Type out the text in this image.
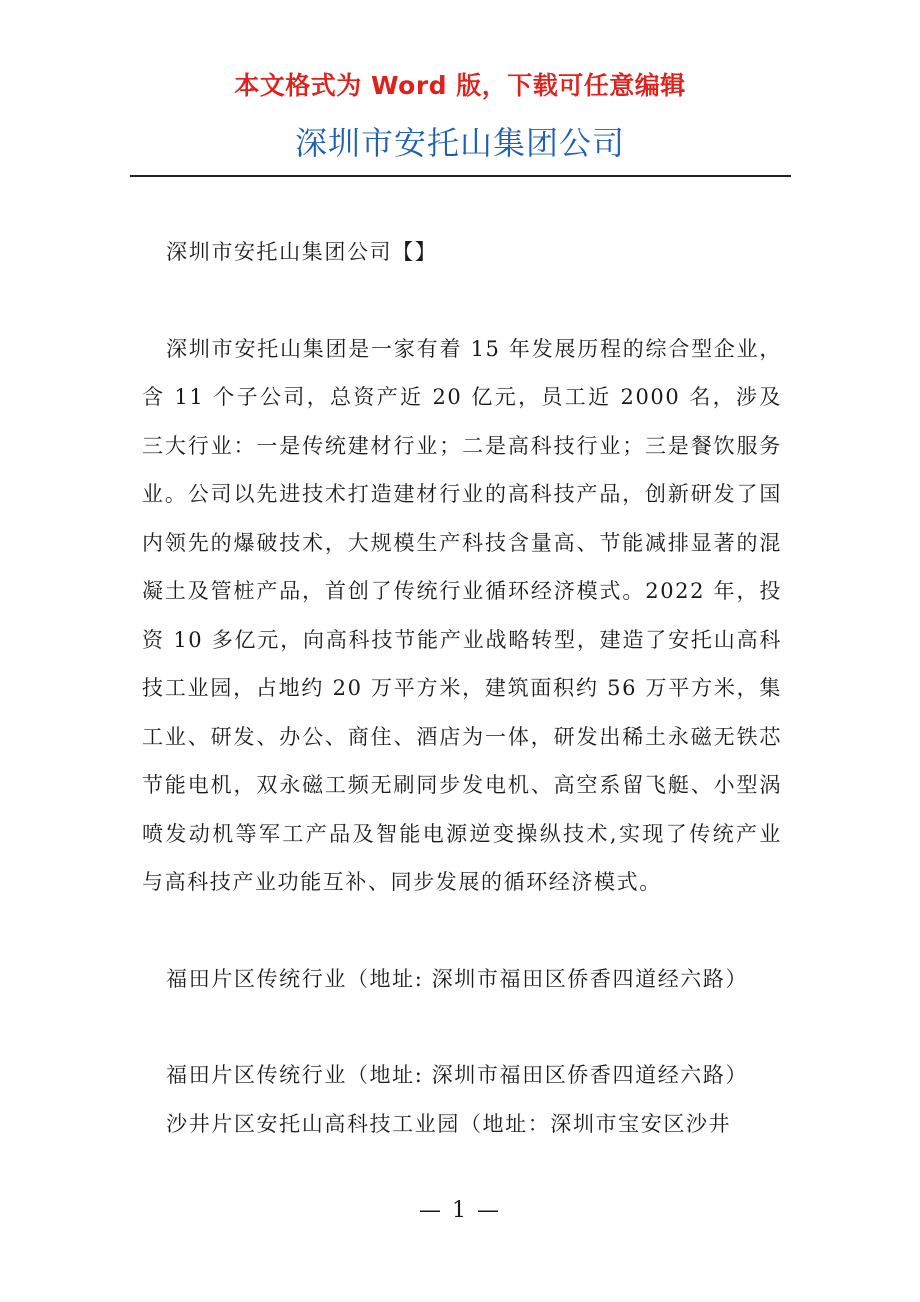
本文格式为 Word 版，下载可任意编辑
深圳市安托山集团公司

深圳市安托山集团公司【】

深圳市安托山集团是一家有着 15 年发展历程的综合型企业，含 11 个子公司，总资产近 20 亿元，员工近 2000 名，涉及三大行业：一是传统建材行业；二是高科技行业；三是餐饮服务业。公司以先进技术打造建材行业的高科技产品，创新研发了国内领先的爆破技术，大规模生产科技含量高、节能减排显著的混凝土及管桩产品，首创了传统行业循环经济模式。2022 年，投资 10 多亿元，向高科技节能产业战略转型，建造了安托山高科技工业园，占地约 20 万平方米，建筑面积约 56 万平方米，集工业、研发、办公、商住、酒店为一体，研发出稀土永磁无铁芯节能电机，双永磁工频无刷同步发电机、高空系留飞艇、小型涡喷发动机等军工产品及智能电源逆变操纵技术,实现了传统产业与高科技产业功能互补、同步发展的循环经济模式。

福田片区传统行业（地址: 深圳市福田区侨香四道经六路）

福田片区传统行业（地址: 深圳市福田区侨香四道经六路）

沙井片区安托山高科技工业园（地址：深圳市宝安区沙井

— 1 —
